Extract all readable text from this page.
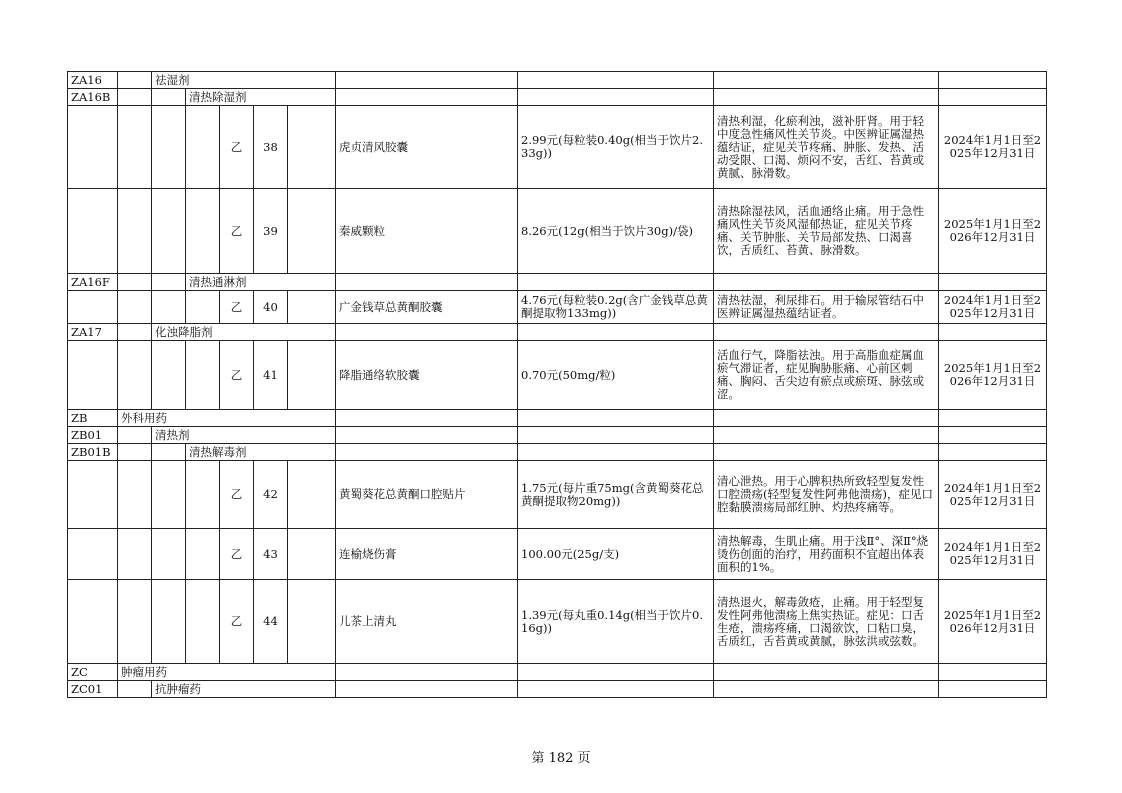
ZA16		祛湿剂									
ZA16B			清热除湿剂								
				乙	38		虎贞清风胶囊	2.99元(每粒装0.40g(相当于饮片2.33g))	清热利湿，化瘀利浊，滋补肝肾。用于轻中度急性痛风性关节炎。中医辨证属湿热蕴结证，症见关节疼痛、肿胀、发热、活动受限、口渴、烦闷不安，舌红、苔黄或黄腻、脉滑数。	2024年1月1日至2025年12月31日	
				乙	39		秦威颗粒	8.26元(12g(相当于饮片30g)/袋)	清热除湿祛风，活血通络止痛。用于急性痛风性关节炎风湿郁热证，症见关节疼痛、关节肿胀、关节局部发热、口渴喜饮，舌质红、苔黄、脉滑数。	2025年1月1日至2026年12月31日	
ZA16F			清热通淋剂								
				乙	40		广金钱草总黄酮胶囊	4.76元(每粒装0.2g(含广金钱草总黄酮提取物133mg))	清热祛湿，利尿排石。用于输尿管结石中医辨证属湿热蕴结证者。	2024年1月1日至2025年12月31日	
ZA17		化浊降脂剂									
				乙	41		降脂通络软胶囊	0.70元(50mg/粒)	活血行气，降脂祛浊。用于高脂血症属血瘀气滞证者，症见胸胁胀痛、心前区刺痛、胸闷、舌尖边有瘀点或瘀斑、脉弦或涩。	2025年1月1日至2026年12月31日	
ZB	外科用药										
ZB01		清热剂									
ZB01B			清热解毒剂								
				乙	42		黄蜀葵花总黄酮口腔贴片	1.75元(每片重75mg(含黄蜀葵花总黄酮提取物20mg))	清心泄热。用于心脾积热所致轻型复发性口腔溃疡(轻型复发性阿弗他溃疡)，症见口腔黏膜溃疡局部红肿、灼热疼痛等。	2024年1月1日至2025年12月31日	
				乙	43		连榆烧伤膏	100.00元(25g/支)	清热解毒，生肌止痛。用于浅Ⅱ°、深Ⅱ°烧烫伤创面的治疗，用药面积不宜超出体表面积的1%。	2024年1月1日至2025年12月31日	
				乙	44		儿茶上清丸	1.39元(每丸重0.14g(相当于饮片0.16g))	清热退火，解毒敛疮，止痛。用于轻型复发性阿弗他溃疡上焦实热证。症见：口舌生疮，溃疡疼痛，口渴欲饮，口粘口臭，舌质红，舌苔黄或黄腻，脉弦洪或弦数。	2025年1月1日至2026年12月31日	
ZC	肿瘤用药										
ZC01		抗肿瘤药									
第 182 页
